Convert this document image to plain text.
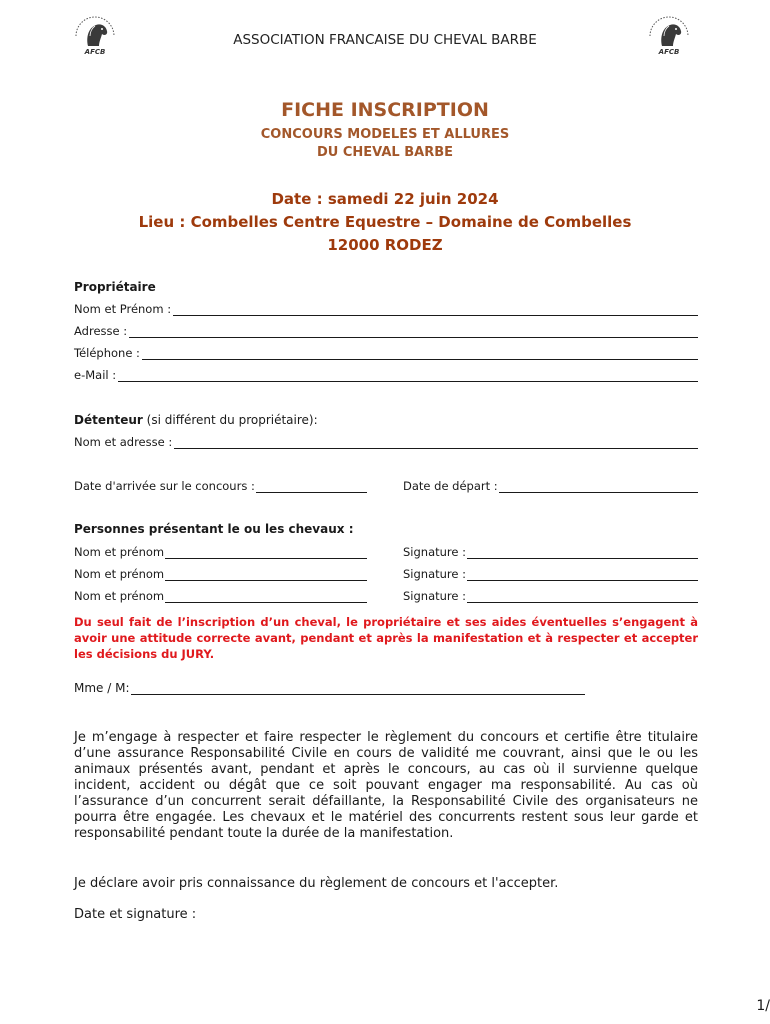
AFCB	AFCB
ASSOCIATION FRANCAISE DU CHEVAL BARBE
FICHE INSCRIPTION
CONCOURS MODELES ET ALLURES
DU CHEVAL BARBE
Date : samedi 22 juin 2024
Lieu : Combelles Centre Equestre – Domaine de Combelles
12000 RODEZ
Propriétaire
Nom et Prénom :
Adresse :
Téléphone :
e-Mail :
Détenteur (si différent du propriétaire):
Nom et adresse :
Date d'arrivée sur le concours :	Date de départ :
Personnes présentant le ou les chevaux :
Nom et prénom	Signature :
Nom et prénom	Signature :
Nom et prénom	Signature :
Du seul fait de l’inscription d’un cheval, le propriétaire et ses aides éventuelles s’engagent à avoir une attitude correcte avant, pendant et après la manifestation et à respecter et accepter les décisions du JURY.
Mme / M:
Je m’engage à respecter et faire respecter le règlement du concours et certifie être titulaire d’une assurance Responsabilité Civile en cours de validité me couvrant, ainsi que le ou les animaux présentés avant, pendant et après le concours, au cas où il survienne quelque incident, accident ou dégât que ce soit pouvant engager ma responsabilité. Au cas où l’assurance d’un concurrent serait défaillante, la Responsabilité Civile des organisateurs ne pourra être engagée. Les chevaux et le matériel des concurrents restent sous leur garde et responsabilité pendant toute la durée de la manifestation.
Je déclare avoir pris connaissance du règlement de concours et l'accepter.
Date et signature :
1/
